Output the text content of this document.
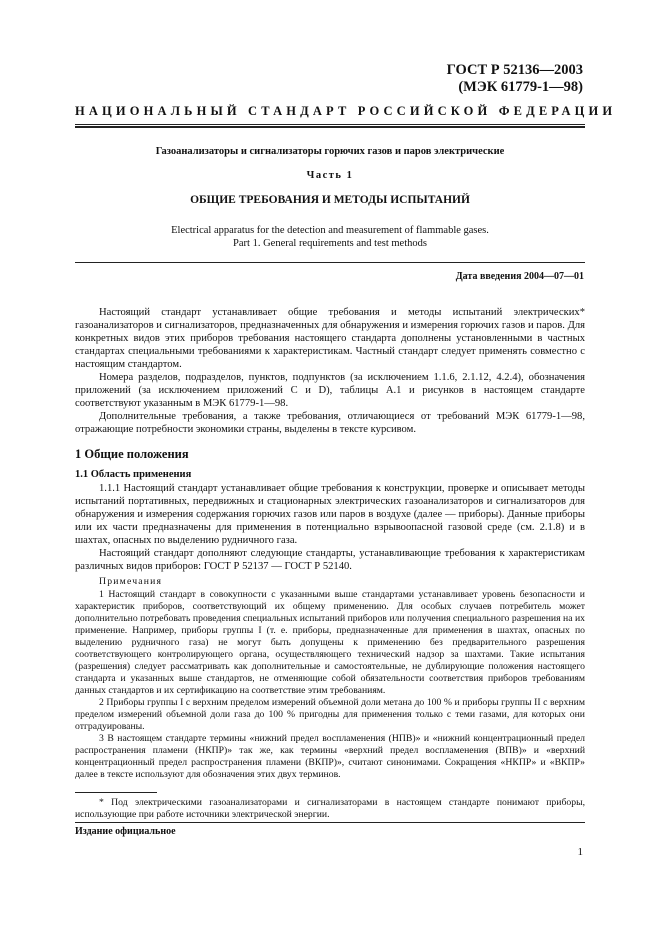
ГОСТ Р 52136—2003
(МЭК 61779-1—98)
НАЦИОНАЛЬНЫЙ СТАНДАРТ РОССИЙСКОЙ ФЕДЕРАЦИИ
Газоанализаторы и сигнализаторы горючих газов и паров электрические
Часть 1
ОБЩИЕ ТРЕБОВАНИЯ И МЕТОДЫ ИСПЫТАНИЙ
Electrical apparatus for the detection and measurement of flammable gases.
Part 1. General requirements and test methods
Дата введения 2004—07—01

Настоящий стандарт устанавливает общие требования и методы испытаний электрических* газоанализаторов и сигнализаторов, предназначенных для обнаружения и измерения горючих газов и паров. Для конкретных видов этих приборов требования настоящего стандарта дополнены установленными в частных стандартах специальными требованиями к характеристикам. Частный стандарт следует применять совместно с настоящим стандартом.

Номера разделов, подразделов, пунктов, подпунктов (за исключением 1.1.6, 2.1.12, 4.2.4), обозначения приложений (за исключением приложений С и D), таблицы А.1 и рисунков в настоящем стандарте соответствуют указанным в МЭК 61779-1—98.

Дополнительные требования, а также требования, отличающиеся от требований МЭК 61779-1—98, отражающие потребности экономики страны, выделены в тексте курсивом.

1 Общие положения
1.1 Область применения

1.1.1 Настоящий стандарт устанавливает общие требования к конструкции, проверке и описывает методы испытаний портативных, передвижных и стационарных электрических газоанализаторов и сигнализаторов для обнаружения и измерения содержания горючих газов или паров в воздухе (далее — приборы). Данные приборы или их части предназначены для применения в потенциально взрывоопасной газовой среде (см. 2.1.8) и в шахтах, опасных по выделению рудничного газа.

Настоящий стандарт дополняют следующие стандарты, устанавливающие требования к характеристикам различных видов приборов: ГОСТ Р 52137 — ГОСТ Р 52140.

Примечания

1 Настоящий стандарт в совокупности с указанными выше стандартами устанавливает уровень безопасности и характеристик приборов, соответствующий их общему применению. Для особых случаев потребитель может дополнительно потребовать проведения специальных испытаний приборов или получения специального разрешения на их применение. Например, приборы группы I (т. е. приборы, предназначенные для применения в шахтах, опасных по выделению рудничного газа) не могут быть допущены к применению без предварительного разрешения соответствующего контролирующего органа, осуществляющего технический надзор за шахтами. Такие испытания (разрешения) следует рассматривать как дополнительные и самостоятельные, не дублирующие положения настоящего стандарта и указанных выше стандартов, не отменяющие собой обязательности соответствия приборов требованиям данных стандартов и их сертификацию на соответствие этим требованиям.

2 Приборы группы I с верхним пределом измерений объемной доли метана до 100 % и приборы группы II с верхним пределом измерений объемной доли газа до 100 % пригодны для применения только с теми газами, для которых они отградуированы.

3 В настоящем стандарте термины «нижний предел воспламенения (НПВ)» и «нижний концентрационный предел распространения пламени (НКПР)» так же, как термины «верхний предел воспламенения (ВПВ)» и «верхний концентрационный предел распространения пламени (ВКПР)», считают синонимами. Сокращения «НКПР» и «ВКПР» далее в тексте используют для обозначения этих двух терминов.

* Под электрическими газоанализаторами и сигнализаторами в настоящем стандарте понимают приборы, использующие при работе источники электрической энергии.

Издание официальное
1
